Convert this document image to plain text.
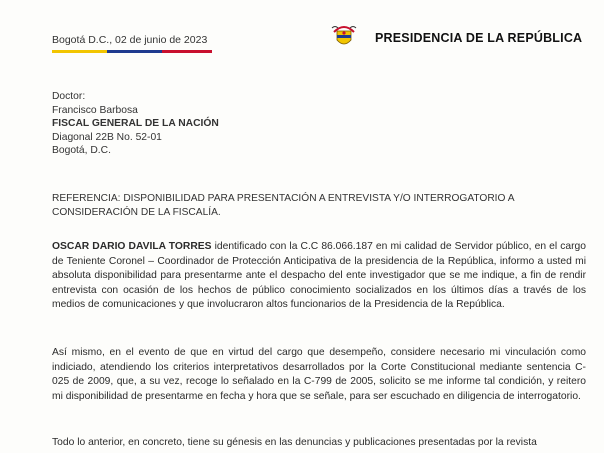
Bogotá D.C., 02 de junio de 2023	PRESIDENCIA DE LA REPÚBLICA
Doctor:
Francisco Barbosa
FISCAL GENERAL DE LA NACIÓN
Diagonal 22B No. 52-01
Bogotá, D.C.
REFERENCIA: DISPONIBILIDAD PARA PRESENTACIÓN A ENTREVISTA Y/O INTERROGATORIO A CONSIDERACIÓN DE LA FISCALÍA.
OSCAR DARIO DAVILA TORRES identificado con la C.C 86.066.187 en mi calidad de Servidor público, en el cargo de Teniente Coronel – Coordinador de Protección Anticipativa de la presidencia de la República, informo a usted mi absoluta disponibilidad para presentarme ante el despacho del ente investigador que se me indique, a fin de rendir entrevista con ocasión de los hechos de público conocimiento socializados en los últimos días a través de los medios de comunicaciones y que involucraron altos funcionarios de la Presidencia de la República.
Así mismo, en el evento de que en virtud del cargo que desempeño, considere necesario mi vinculación como indiciado, atendiendo los criterios interpretativos desarrollados por la Corte Constitucional mediante sentencia C- 025 de 2009, que, a su vez, recoge lo señalado en la C-799 de 2005, solicito se me informe tal condición, y reitero mi disponibilidad de presentarme en fecha y hora que se señale, para ser escuchado en diligencia de interrogatorio.
Todo lo anterior, en concreto, tiene su génesis en las denuncias y publicaciones presentadas por la revista
